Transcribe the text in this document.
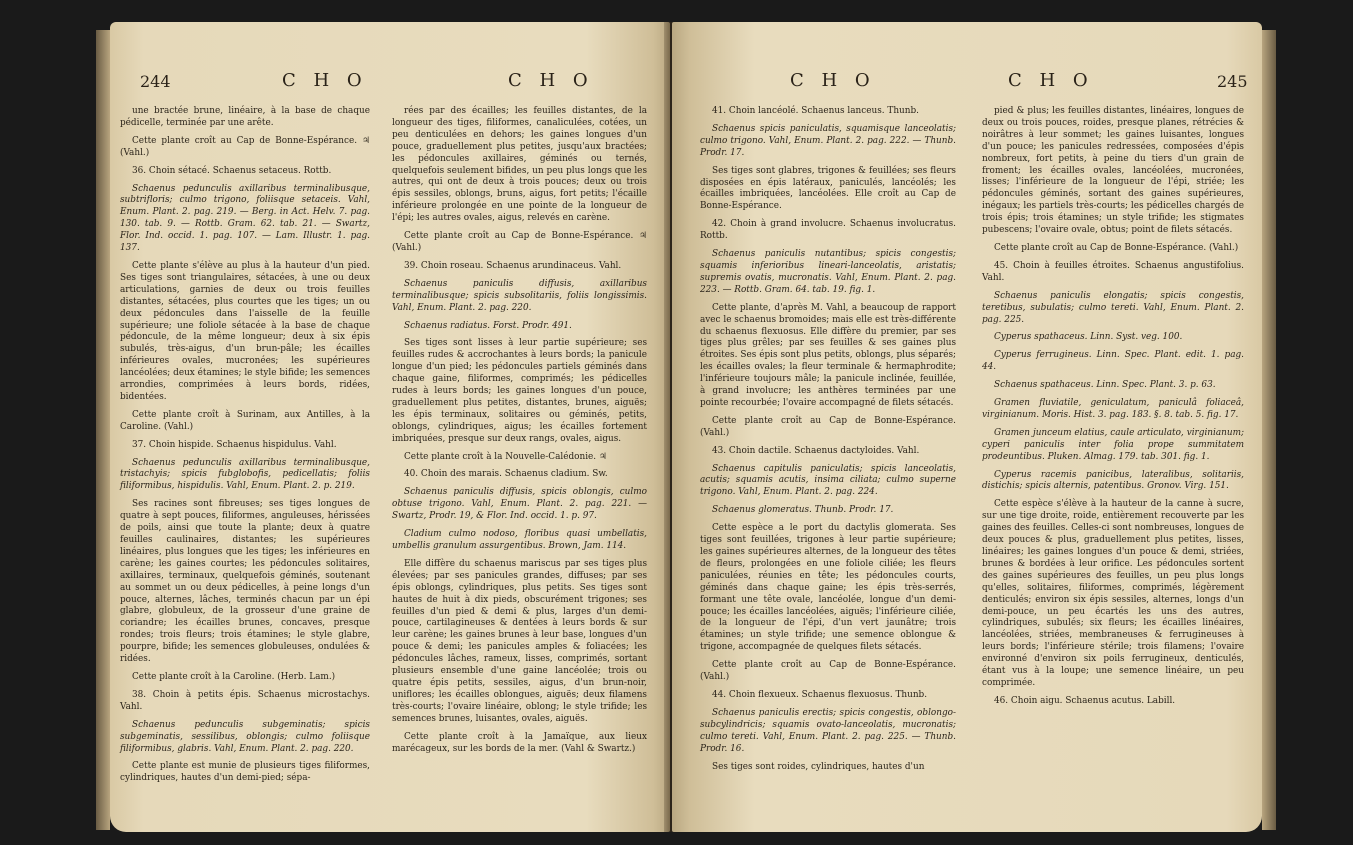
244	C H O	C H O

une bractée brune, linéaire, à la base de chaque pédicelle, terminée par une arête.

Cette plante croît au Cap de Bonne-Espérance. ♃ (Vahl.)

36. Choin sétacé. Schaenus setaceus. Rottb.

Schaenus pedunculis axillaribus terminalibusque, subtrifloris; culmo trigono, foliisque setaceis. Vahl, Enum. Plant. 2. pag. 219. — Berg. in Act. Helv. 7. pag. 130. tab. 9. — Rottb. Gram. 62. tab. 21. — Swartz, Flor. Ind. occid. 1. pag. 107. — Lam. Illustr. 1. pag. 137.

Cette plante s'élève au plus à la hauteur d'un pied. Ses tiges sont triangulaires, sétacées, à une ou deux articulations, garnies de deux ou trois feuilles distantes, sétacées, plus courtes que les tiges; un ou deux pédoncules dans l'aisselle de la feuille supérieure; une foliole sétacée à la base de chaque pédoncule, de la même longueur; deux à six épis subulés, très-aigus, d'un brun-pâle; les écailles inférieures ovales, mucronées; les supérieures lancéolées; deux étamines; le style bifide; les semences arrondies, comprimées à leurs bords, ridées, bidentées.

Cette plante croît à Surinam, aux Antilles, à la Caroline. (Vahl.)

37. Choin hispide. Schaenus hispidulus. Vahl.

Schaenus pedunculis axillaribus terminalibusque, tristachyis; spicis fubglobofis, pedicellatis; foliis filiformibus, hispidulis. Vahl, Enum. Plant. 2. p. 219.

Ses racines sont fibreuses; ses tiges longues de quatre à sept pouces, filiformes, anguleuses, hérissées de poils, ainsi que toute la plante; deux à quatre feuilles caulinaires, distantes; les supérieures linéaires, plus longues que les tiges; les inférieures en carène; les gaines courtes; les pédoncules solitaires, axillaires, terminaux, quelquefois géminés, soutenant au sommet un ou deux pédicelles, à peine longs d'un pouce, alternes, lâches, terminés chacun par un épi glabre, globuleux, de la grosseur d'une graine de coriandre; les écailles brunes, concaves, presque rondes; trois fleurs; trois étamines; le style glabre, pourpre, bifide; les semences globuleuses, ondulées & ridées.

Cette plante croît à la Caroline. (Herb. Lam.)

38. Choin à petits épis. Schaenus microstachys. Vahl.

Schaenus pedunculis subgeminatis; spicis subgeminatis, sessilibus, oblongis; culmo foliisque filiformibus, glabris. Vahl, Enum. Plant. 2. pag. 220.

Cette plante est munie de plusieurs tiges filiformes, cylindriques, hautes d'un demi-pied; sépa-

rées par des écailles; les feuilles distantes, de la longueur des tiges, filiformes, canaliculées, cotées, un peu denticulées en dehors; les gaines longues d'un pouce, graduellement plus petites, jusqu'aux bractées; les pédoncules axillaires, géminés ou ternés, quelquefois seulement bifides, un peu plus longs que les autres, qui ont de deux à trois pouces; deux ou trois épis sessiles, oblongs, bruns, aigus, fort petits; l'écaille inférieure prolongée en une pointe de la longueur de l'épi; les autres ovales, aigus, relevés en carène.

Cette plante croît au Cap de Bonne-Espérance. ♃ (Vahl.)

39. Choin roseau. Schaenus arundinaceus. Vahl.

Schaenus paniculis diffusis, axillaribus terminalibusque; spicis subsolitariis, foliis longissimis. Vahl, Enum. Plant. 2. pag. 220.

Schaenus radiatus. Forst. Prodr. 491.

Ses tiges sont lisses à leur partie supérieure; ses feuilles rudes & accrochantes à leurs bords; la panicule longue d'un pied; les pédoncules partiels géminés dans chaque gaine, filiformes, comprimés; les pédicelles rudes à leurs bords; les gaines longues d'un pouce, graduellement plus petites, distantes, brunes, aiguës; les épis terminaux, solitaires ou géminés, petits, oblongs, cylindriques, aigus; les écailles fortement imbriquées, presque sur deux rangs, ovales, aigus.

Cette plante croît à la Nouvelle-Calédonie. ♃

40. Choin des marais. Schaenus cladium. Sw.

Schaenus paniculis diffusis, spicis oblongis, culmo obtuse trigono. Vahl, Enum. Plant. 2. pag. 221. — Swartz, Prodr. 19, & Flor. Ind. occid. 1. p. 97.

Cladium culmo nodoso, floribus quasi umbellatis, umbellis granulum assurgentibus. Brown, Jam. 114.

Elle diffère du schaenus mariscus par ses tiges plus élevées; par ses panicules grandes, diffuses; par ses épis oblongs, cylindriques, plus petits. Ses tiges sont hautes de huit à dix pieds, obscurément trigones; ses feuilles d'un pied & demi & plus, larges d'un demi-pouce, cartilagineuses & dentées à leurs bords & sur leur carène; les gaines brunes à leur base, longues d'un pouce & demi; les panicules amples & foliacées; les pédoncules lâches, rameux, lisses, comprimés, sortant plusieurs ensemble d'une gaine lancéolée; trois ou quatre épis petits, sessiles, aigus, d'un brun-noir, uniflores; les écailles oblongues, aiguës; deux filamens très-courts; l'ovaire linéaire, oblong; le style trifide; les semences brunes, luisantes, ovales, aiguës.

Cette plante croît à la Jamaïque, aux lieux marécageux, sur les bords de la mer. (Vahl & Swartz.)

C H O	C H O	245

41. Choin lancéolé. Schaenus lanceus. Thunb.

Schaenus spicis paniculatis, squamisque lanceolatis; culmo trigono. Vahl, Enum. Plant. 2. pag. 222. — Thunb. Prodr. 17.

Ses tiges sont glabres, trigones & feuillées; ses fleurs disposées en épis latéraux, paniculés, lancéolés; les écailles imbriquées, lancéolées. Elle croît au Cap de Bonne-Espérance.

42. Choin à grand involucre. Schaenus involucratus. Rottb.

Schaenus paniculis nutantibus; spicis congestis; squamis inferioribus lineari-lanceolatis, aristatis; supremis ovatis, mucronatis. Vahl, Enum. Plant. 2. pag. 223. — Rottb. Gram. 64. tab. 19. fig. 1.

Cette plante, d'après M. Vahl, a beaucoup de rapport avec le schaenus bromoides; mais elle est très-différente du schaenus flexuosus. Elle diffère du premier, par ses tiges plus grêles; par ses feuilles & ses gaines plus étroites. Ses épis sont plus petits, oblongs, plus séparés; les écailles ovales; la fleur terminale & hermaphrodite; l'inférieure toujours mâle; la panicule inclinée, feuillée, à grand involucre; les anthères terminées par une pointe recourbée; l'ovaire accompagné de filets sétacés.

Cette plante croît au Cap de Bonne-Espérance. (Vahl.)

43. Choin dactile. Schaenus dactyloides. Vahl.

Schaenus capitulis paniculatis; spicis lanceolatis, acutis; squamis acutis, insima ciliata; culmo superne trigono. Vahl, Enum. Plant. 2. pag. 224.

Schaenus glomeratus. Thunb. Prodr. 17.

Cette espèce a le port du dactylis glomerata. Ses tiges sont feuillées, trigones à leur partie supérieure; les gaines supérieures alternes, de la longueur des têtes de fleurs, prolongées en une foliole ciliée; les fleurs paniculées, réunies en tête; les pédoncules courts, géminés dans chaque gaine; les épis très-serrés, formant une tête ovale, lancéolée, longue d'un demi-pouce; les écailles lancéolées, aiguës; l'inférieure ciliée, de la longueur de l'épi, d'un vert jaunâtre; trois étamines; un style trifide; une semence oblongue & trigone, accompagnée de quelques filets sétacés.

Cette plante croît au Cap de Bonne-Espérance. (Vahl.)

44. Choin flexueux. Schaenus flexuosus. Thunb.

Schaenus paniculis erectis; spicis congestis, oblongo-subcylindricis; squamis ovato-lanceolatis, mucronatis; culmo tereti. Vahl, Enum. Plant. 2. pag. 225. — Thunb. Prodr. 16.

Ses tiges sont roides, cylindriques, hautes d'un

pied & plus; les feuilles distantes, linéaires, longues de deux ou trois pouces, roides, presque planes, rétrécies & noirâtres à leur sommet; les gaines luisantes, longues d'un pouce; les panicules redressées, composées d'épis nombreux, fort petits, à peine du tiers d'un grain de froment; les écailles ovales, lancéolées, mucronées, lisses; l'inférieure de la longueur de l'épi, striée; les pédoncules géminés, sortant des gaines supérieures, inégaux; les partiels très-courts; les pédicelles chargés de trois épis; trois étamines; un style trifide; les stigmates pubescens; l'ovaire ovale, obtus; point de filets sétacés.

Cette plante croît au Cap de Bonne-Espérance. (Vahl.)

45. Choin à feuilles étroites. Schaenus angustifolius. Vahl.

Schaenus paniculis elongatis; spicis congestis, teretibus, subulatis; culmo tereti. Vahl, Enum. Plant. 2. pag. 225.

Cyperus spathaceus. Linn. Syst. veg. 100.

Cyperus ferrugineus. Linn. Spec. Plant. edit. 1. pag. 44.

Schaenus spathaceus. Linn. Spec. Plant. 3. p. 63.

Gramen fluviatile, geniculatum, paniculâ foliaceâ, virginianum. Moris. Hist. 3. pag. 183. §. 8. tab. 5. fig. 17.

Gramen junceum elatius, caule articulato, virginianum; cyperi paniculis inter folia prope summitatem prodeuntibus. Pluken. Almag. 179. tab. 301. fig. 1.

Cyperus racemis panicibus, lateralibus, solitariis, distichis; spicis alternis, patentibus. Gronov. Virg. 151.

Cette espèce s'élève à la hauteur de la canne à sucre, sur une tige droite, roide, entièrement recouverte par les gaines des feuilles. Celles-ci sont nombreuses, longues de deux pouces & plus, graduellement plus petites, lisses, linéaires; les gaines longues d'un pouce & demi, striées, brunes & bordées à leur orifice. Les pédoncules sortent des gaines supérieures des feuilles, un peu plus longs qu'elles, solitaires, filiformes, comprimés, légèrement denticulés; environ six épis sessiles, alternes, longs d'un demi-pouce, un peu écartés les uns des autres, cylindriques, subulés; six fleurs; les écailles linéaires, lancéolées, striées, membraneuses & ferrugineuses à leurs bords; l'inférieure stérile; trois filamens; l'ovaire environné d'environ six poils ferrugineux, denticulés, étant vus à la loupe; une semence linéaire, un peu comprimée.

46. Choin aigu. Schaenus acutus. Labill.
